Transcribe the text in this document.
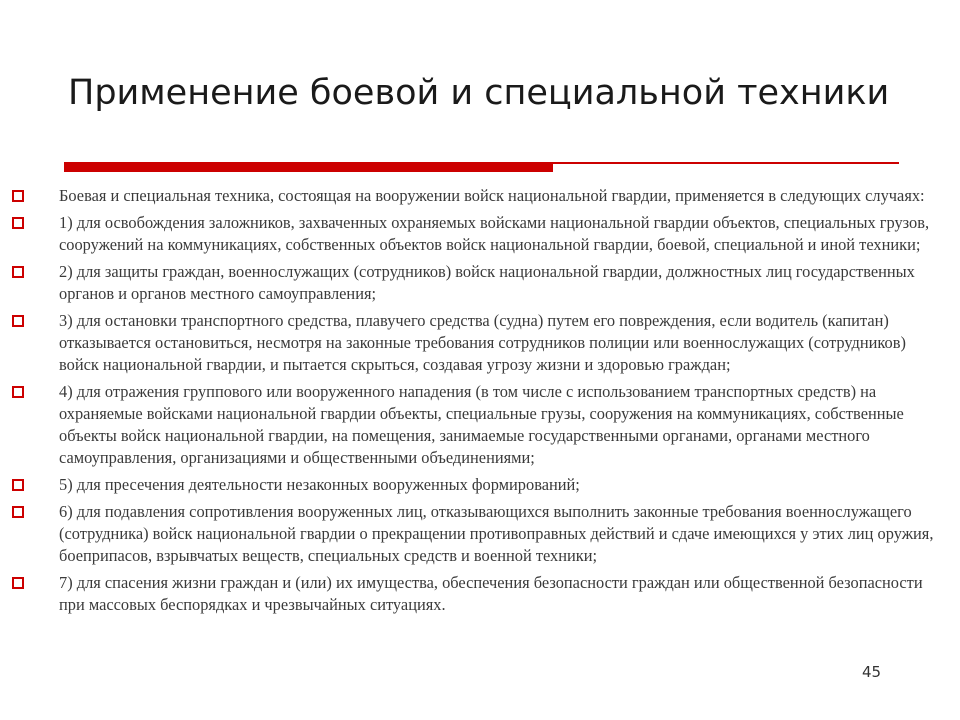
Применение боевой и специальной техники
Боевая и специальная техника, состоящая на вооружении войск национальной гвардии, применяется в следующих случаях:
1) для освобождения заложников, захваченных охраняемых войсками национальной гвардии объектов, специальных грузов, сооружений на коммуникациях, собственных объектов войск национальной гвардии, боевой, специальной и иной техники;
2) для защиты граждан, военнослужащих (сотрудников) войск национальной гвардии, должностных лиц государственных органов и органов местного самоуправления;
3) для остановки транспортного средства, плавучего средства (судна) путем его повреждения, если водитель (капитан) отказывается остановиться, несмотря на законные требования сотрудников полиции или военнослужащих (сотрудников) войск национальной гвардии, и пытается скрыться, создавая угрозу жизни и здоровью граждан;
4) для отражения группового или вооруженного нападения (в том числе с использованием транспортных средств) на охраняемые войсками национальной гвардии объекты, специальные грузы, сооружения на коммуникациях, собственные объекты войск национальной гвардии, на помещения, занимаемые государственными органами, органами местного самоуправления, организациями и общественными объединениями;
5) для пресечения деятельности незаконных вооруженных формирований;
6) для подавления сопротивления вооруженных лиц, отказывающихся выполнить законные требования военнослужащего (сотрудника) войск национальной гвардии о прекращении противоправных действий и сдаче имеющихся у этих лиц оружия, боеприпасов, взрывчатых веществ, специальных средств и военной техники;
7) для спасения жизни граждан и (или) их имущества, обеспечения безопасности граждан или общественной безопасности при массовых беспорядках и чрезвычайных ситуациях.
45
